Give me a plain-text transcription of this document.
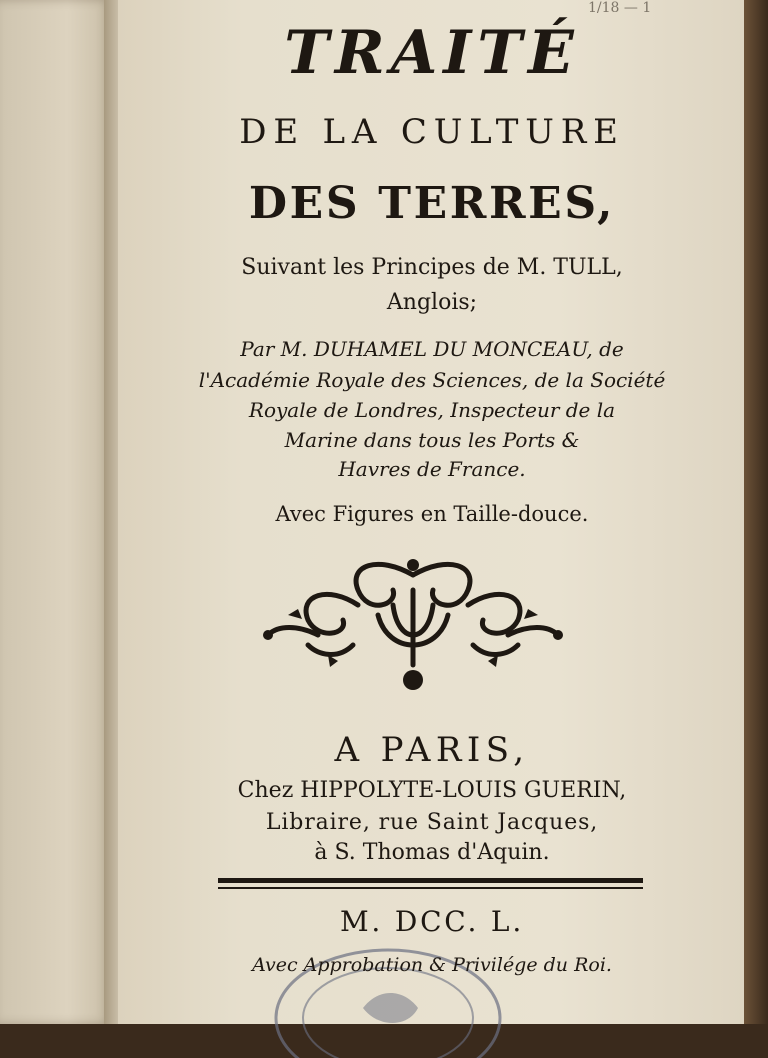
1/18 — 1
TRAITÉ
DE LA CULTURE
DES TERRES,
Suivant les Principes de M. TULL,
Anglois;
Par M. DUHAMEL DU MONCEAU, de
l'Académie Royale des Sciences, de la Société
Royale de Londres, Inspecteur de la
Marine dans tous les Ports &
Havres de France.
Avec Figures en Taille-douce.
A PARIS,
Chez HIPPOLYTE-LOUIS GUERIN,
Libraire, rue Saint Jacques,
à S. Thomas d'Aquin.
M. DCC. L.
Avec Approbation & Privilége du Roi.
